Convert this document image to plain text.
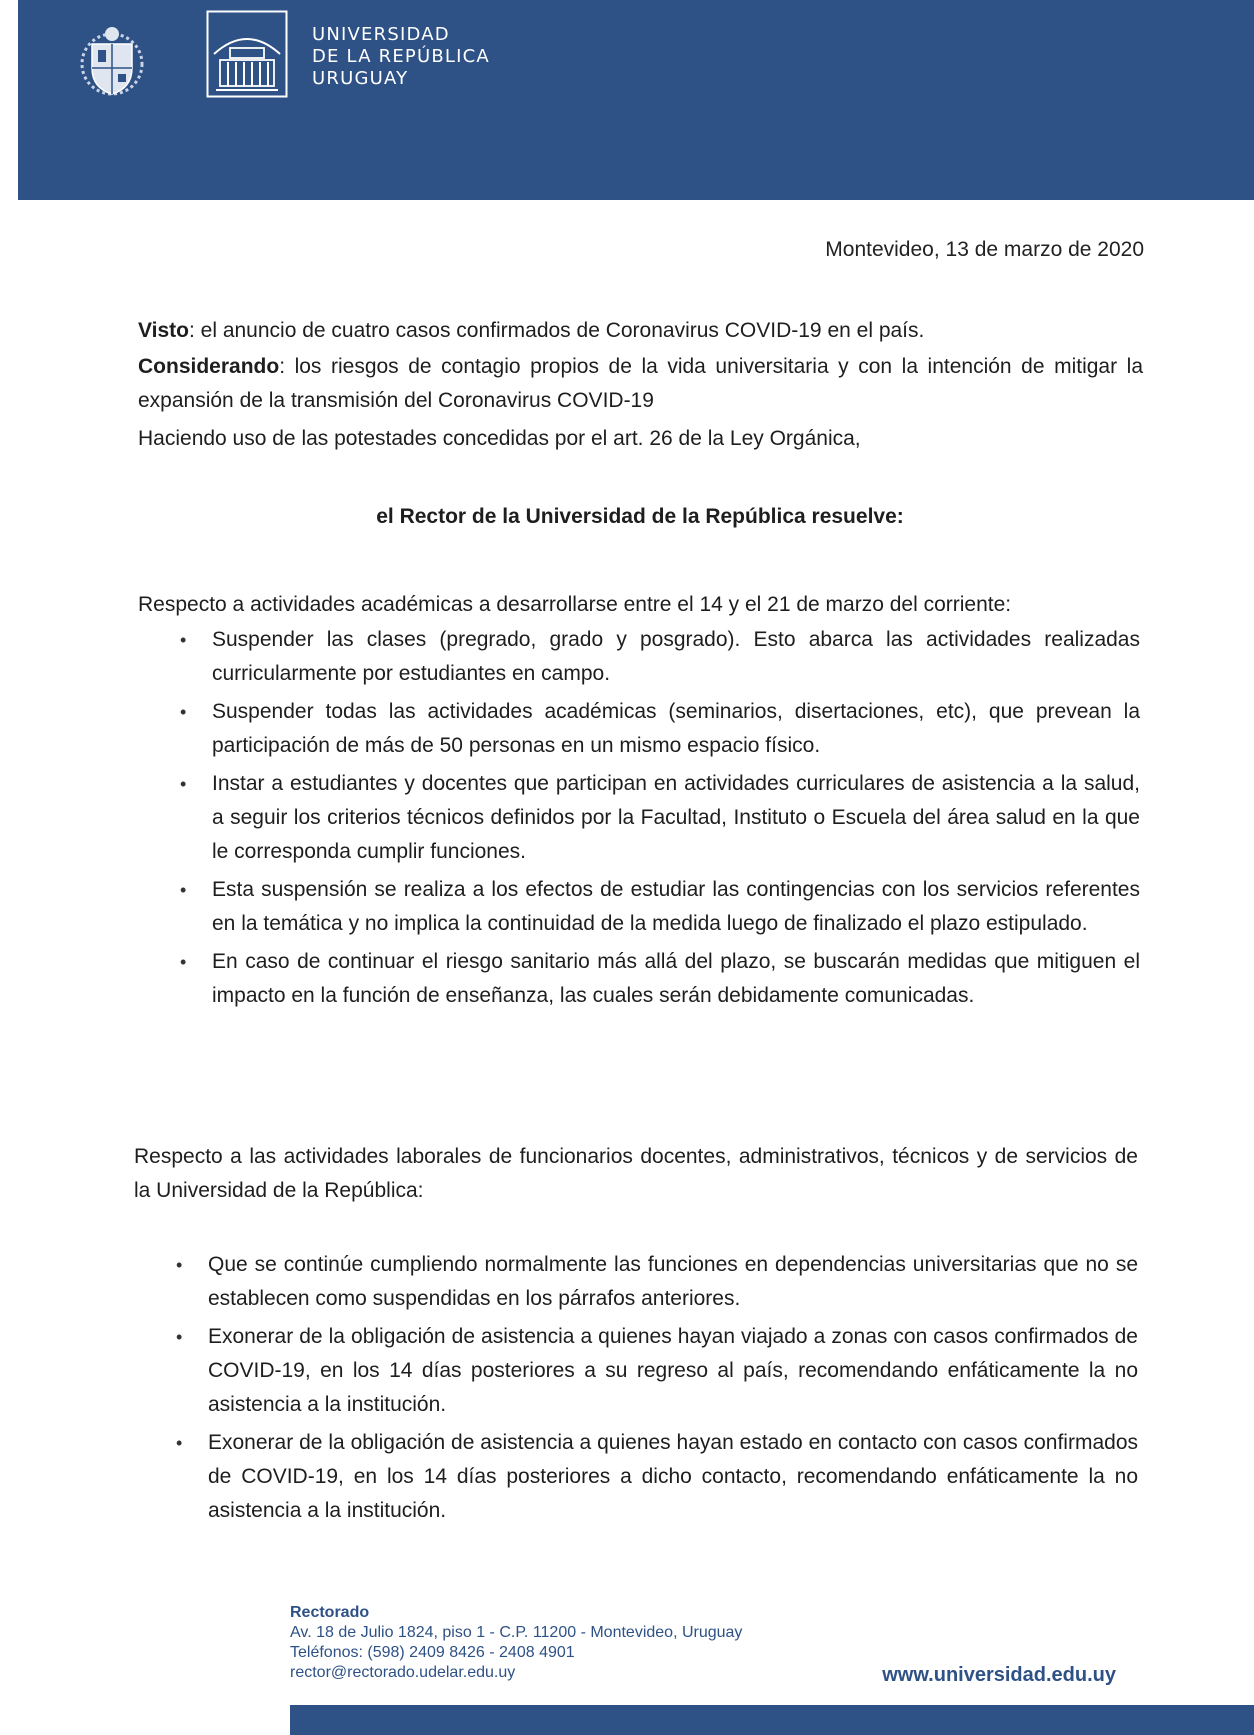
UNIVERSIDAD
DE LA REPÚBLICA
URUGUAY
Montevideo, 13 de marzo de 2020
Visto: el anuncio de cuatro casos confirmados de Coronavirus COVID-19 en el país.
Considerando: los riesgos de contagio propios de la vida universitaria y con la intención de mitigar la expansión de la transmisión del Coronavirus COVID-19
Haciendo uso de las potestades concedidas por el art. 26 de la Ley Orgánica,
el Rector de la Universidad de la República resuelve:
Respecto a actividades académicas a desarrollarse entre el 14 y el 21 de marzo del corriente:
• Suspender las clases (pregrado, grado y posgrado). Esto abarca las actividades realizadas curricularmente por estudiantes en campo.
• Suspender todas las actividades académicas (seminarios, disertaciones, etc), que prevean la participación de más de 50 personas en un mismo espacio físico.
• Instar a estudiantes y docentes que participan en actividades curriculares de asistencia a la salud, a seguir los criterios técnicos definidos por la Facultad, Instituto o Escuela del área salud en la que le corresponda cumplir funciones.
• Esta suspensión se realiza a los efectos de estudiar las contingencias con los servicios referentes en la temática y no implica la continuidad de la medida luego de finalizado el plazo estipulado.
• En caso de continuar el riesgo sanitario más allá del plazo, se buscarán medidas que mitiguen el impacto en la función de enseñanza, las cuales serán debidamente comunicadas.
Respecto a las actividades laborales de funcionarios docentes, administrativos, técnicos y de servicios de la Universidad de la República:
• Que se continúe cumpliendo normalmente las funciones en dependencias universitarias que no se establecen como suspendidas en los párrafos anteriores.
• Exonerar de la obligación de asistencia a quienes hayan viajado a zonas con casos confirmados de COVID-19, en los 14 días posteriores a su regreso al país, recomendando enfáticamente la no asistencia a la institución.
• Exonerar de la obligación de asistencia a quienes hayan estado en contacto con casos confirmados de COVID-19, en los 14 días posteriores a dicho contacto, recomendando enfáticamente la no asistencia a la institución.
Rectorado
Av. 18 de Julio 1824, piso 1 - C.P. 11200 - Montevideo, Uruguay
Teléfonos: (598) 2409 8426 - 2408 4901
rector@rectorado.udelar.edu.uy	www.universidad.edu.uy
